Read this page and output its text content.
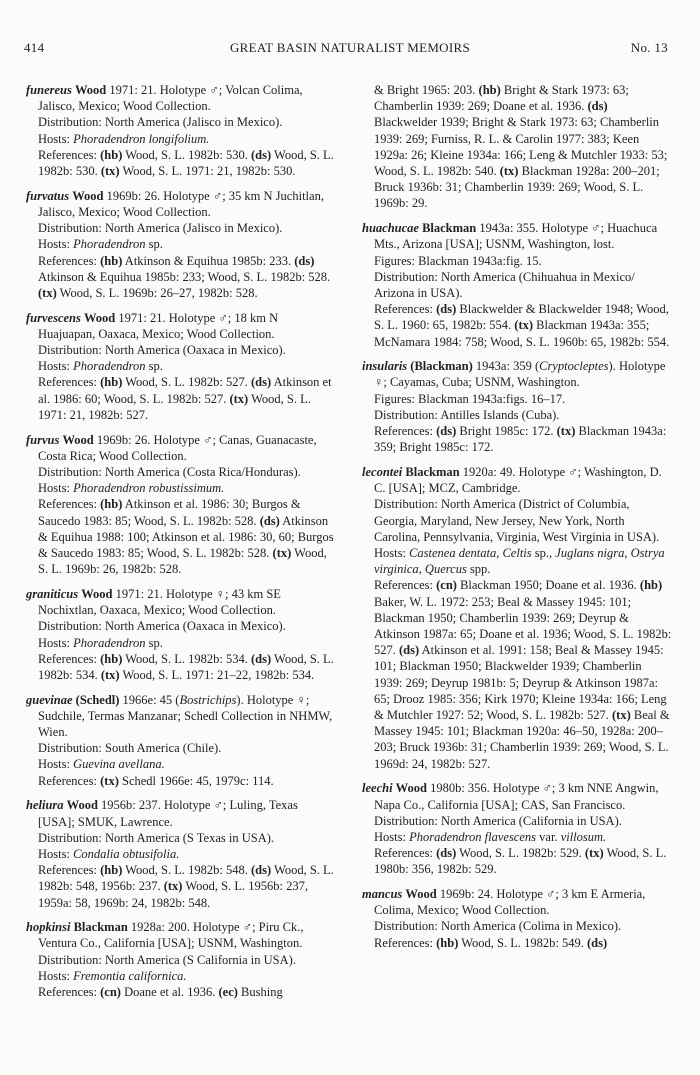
414	GREAT BASIN NATURALIST MEMOIRS	No. 13

funereus Wood 1971: 21. Holotype ♂; Volcan Colima, Jalisco, Mexico; Wood Collection.

Distribution: North America (Jalisco in Mexico).

Hosts: Phoradendron longifolium.

References: (hb) Wood, S. L. 1982b: 530. (ds) Wood, S. L. 1982b: 530. (tx) Wood, S. L. 1971: 21, 1982b: 530.

furvatus Wood 1969b: 26. Holotype ♂; 35 km N Juchitlan, Jalisco, Mexico; Wood Collection.

Distribution: North America (Jalisco in Mexico).

Hosts: Phoradendron sp.

References: (hb) Atkinson & Equihua 1985b: 233. (ds) Atkinson & Equihua 1985b: 233; Wood, S. L. 1982b: 528. (tx) Wood, S. L. 1969b: 26–27, 1982b: 528.

furvescens Wood 1971: 21. Holotype ♂; 18 km N Huajuapan, Oaxaca, Mexico; Wood Collection.

Distribution: North America (Oaxaca in Mexico).

Hosts: Phoradendron sp.

References: (hb) Wood, S. L. 1982b: 527. (ds) Atkinson et al. 1986: 60; Wood, S. L. 1982b: 527. (tx) Wood, S. L. 1971: 21, 1982b: 527.

furvus Wood 1969b: 26. Holotype ♂; Canas, Guanacaste, Costa Rica; Wood Collection.

Distribution: North America (Costa Rica/Honduras).

Hosts: Phoradendron robustissimum.

References: (hb) Atkinson et al. 1986: 30; Burgos & Saucedo 1983: 85; Wood, S. L. 1982b: 528. (ds) Atkinson & Equihua 1988: 100; Atkinson et al. 1986: 30, 60; Burgos & Saucedo 1983: 85; Wood, S. L. 1982b: 528. (tx) Wood, S. L. 1969b: 26, 1982b: 528.

graniticus Wood 1971: 21. Holotype ♀; 43 km SE Nochixtlan, Oaxaca, Mexico; Wood Collection.

Distribution: North America (Oaxaca in Mexico).

Hosts: Phoradendron sp.

References: (hb) Wood, S. L. 1982b: 534. (ds) Wood, S. L. 1982b: 534. (tx) Wood, S. L. 1971: 21–22, 1982b: 534.

guevinae (Schedl) 1966e: 45 (Bostrichips). Holotype ♀; Sudchile, Termas Manzanar; Schedl Collection in NHMW, Wien.

Distribution: South America (Chile).

Hosts: Guevina avellana.

References: (tx) Schedl 1966e: 45, 1979c: 114.

heliura Wood 1956b: 237. Holotype ♂; Luling, Texas [USA]; SMUK, Lawrence.

Distribution: North America (S Texas in USA).

Hosts: Condalia obtusifolia.

References: (hb) Wood, S. L. 1982b: 548. (ds) Wood, S. L. 1982b: 548, 1956b: 237. (tx) Wood, S. L. 1956b: 237, 1959a: 58, 1969b: 24, 1982b: 548.

hopkinsi Blackman 1928a: 200. Holotype ♂; Piru Ck., Ventura Co., California [USA]; USNM, Washington.

Distribution: North America (S California in USA).

Hosts: Fremontia californica.

References: (cn) Doane et al. 1936. (ec) Bushing

& Bright 1965: 203. (hb) Bright & Stark 1973: 63; Chamberlin 1939: 269; Doane et al. 1936. (ds) Blackwelder 1939; Bright & Stark 1973: 63; Chamberlin 1939: 269; Furniss, R. L. & Carolin 1977: 383; Keen 1929a: 26; Kleine 1934a: 166; Leng & Mutchler 1933: 53; Wood, S. L. 1982b: 540. (tx) Blackman 1928a: 200–201; Bruck 1936b: 31; Chamberlin 1939: 269; Wood, S. L. 1969b: 29.

huachucae Blackman 1943a: 355. Holotype ♂; Huachuca Mts., Arizona [USA]; USNM, Washington, lost.

Figures: Blackman 1943a:fig. 15.

Distribution: North America (Chihuahua in Mexico/ Arizona in USA).

References: (ds) Blackwelder & Blackwelder 1948; Wood, S. L. 1960: 65, 1982b: 554. (tx) Blackman 1943a: 355; McNamara 1984: 758; Wood, S. L. 1960b: 65, 1982b: 554.

insularis (Blackman) 1943a: 359 (Cryptocleptes). Holotype ♀; Cayamas, Cuba; USNM, Washington.

Figures: Blackman 1943a:figs. 16–17.

Distribution: Antilles Islands (Cuba).

References: (ds) Bright 1985c: 172. (tx) Blackman 1943a: 359; Bright 1985c: 172.

lecontei Blackman 1920a: 49. Holotype ♂; Washington, D. C. [USA]; MCZ, Cambridge.

Distribution: North America (District of Columbia, Georgia, Maryland, New Jersey, New York, North Carolina, Pennsylvania, Virginia, West Virginia in USA).

Hosts: Castenea dentata, Celtis sp., Juglans nigra, Ostrya virginica, Quercus spp.

References: (cn) Blackman 1950; Doane et al. 1936. (hb) Baker, W. L. 1972: 253; Beal & Massey 1945: 101; Blackman 1950; Chamberlin 1939: 269; Deyrup & Atkinson 1987a: 65; Doane et al. 1936; Wood, S. L. 1982b: 527. (ds) Atkinson et al. 1991: 158; Beal & Massey 1945: 101; Blackman 1950; Blackwelder 1939; Chamberlin 1939: 269; Deyrup 1981b: 5; Deyrup & Atkinson 1987a: 65; Drooz 1985: 356; Kirk 1970; Kleine 1934a: 166; Leng & Mutchler 1927: 52; Wood, S. L. 1982b: 527. (tx) Beal & Massey 1945: 101; Blackman 1920a: 46–50, 1928a: 200–203; Bruck 1936b: 31; Chamberlin 1939: 269; Wood, S. L. 1969d: 24, 1982b: 527.

leechi Wood 1980b: 356. Holotype ♂; 3 km NNE Angwin, Napa Co., California [USA]; CAS, San Francisco.

Distribution: North America (California in USA).

Hosts: Phoradendron flavescens var. villosum.

References: (ds) Wood, S. L. 1982b: 529. (tx) Wood, S. L. 1980b: 356, 1982b: 529.

mancus Wood 1969b: 24. Holotype ♂; 3 km E Armeria, Colima, Mexico; Wood Collection.

Distribution: North America (Colima in Mexico).

References: (hb) Wood, S. L. 1982b: 549. (ds)
